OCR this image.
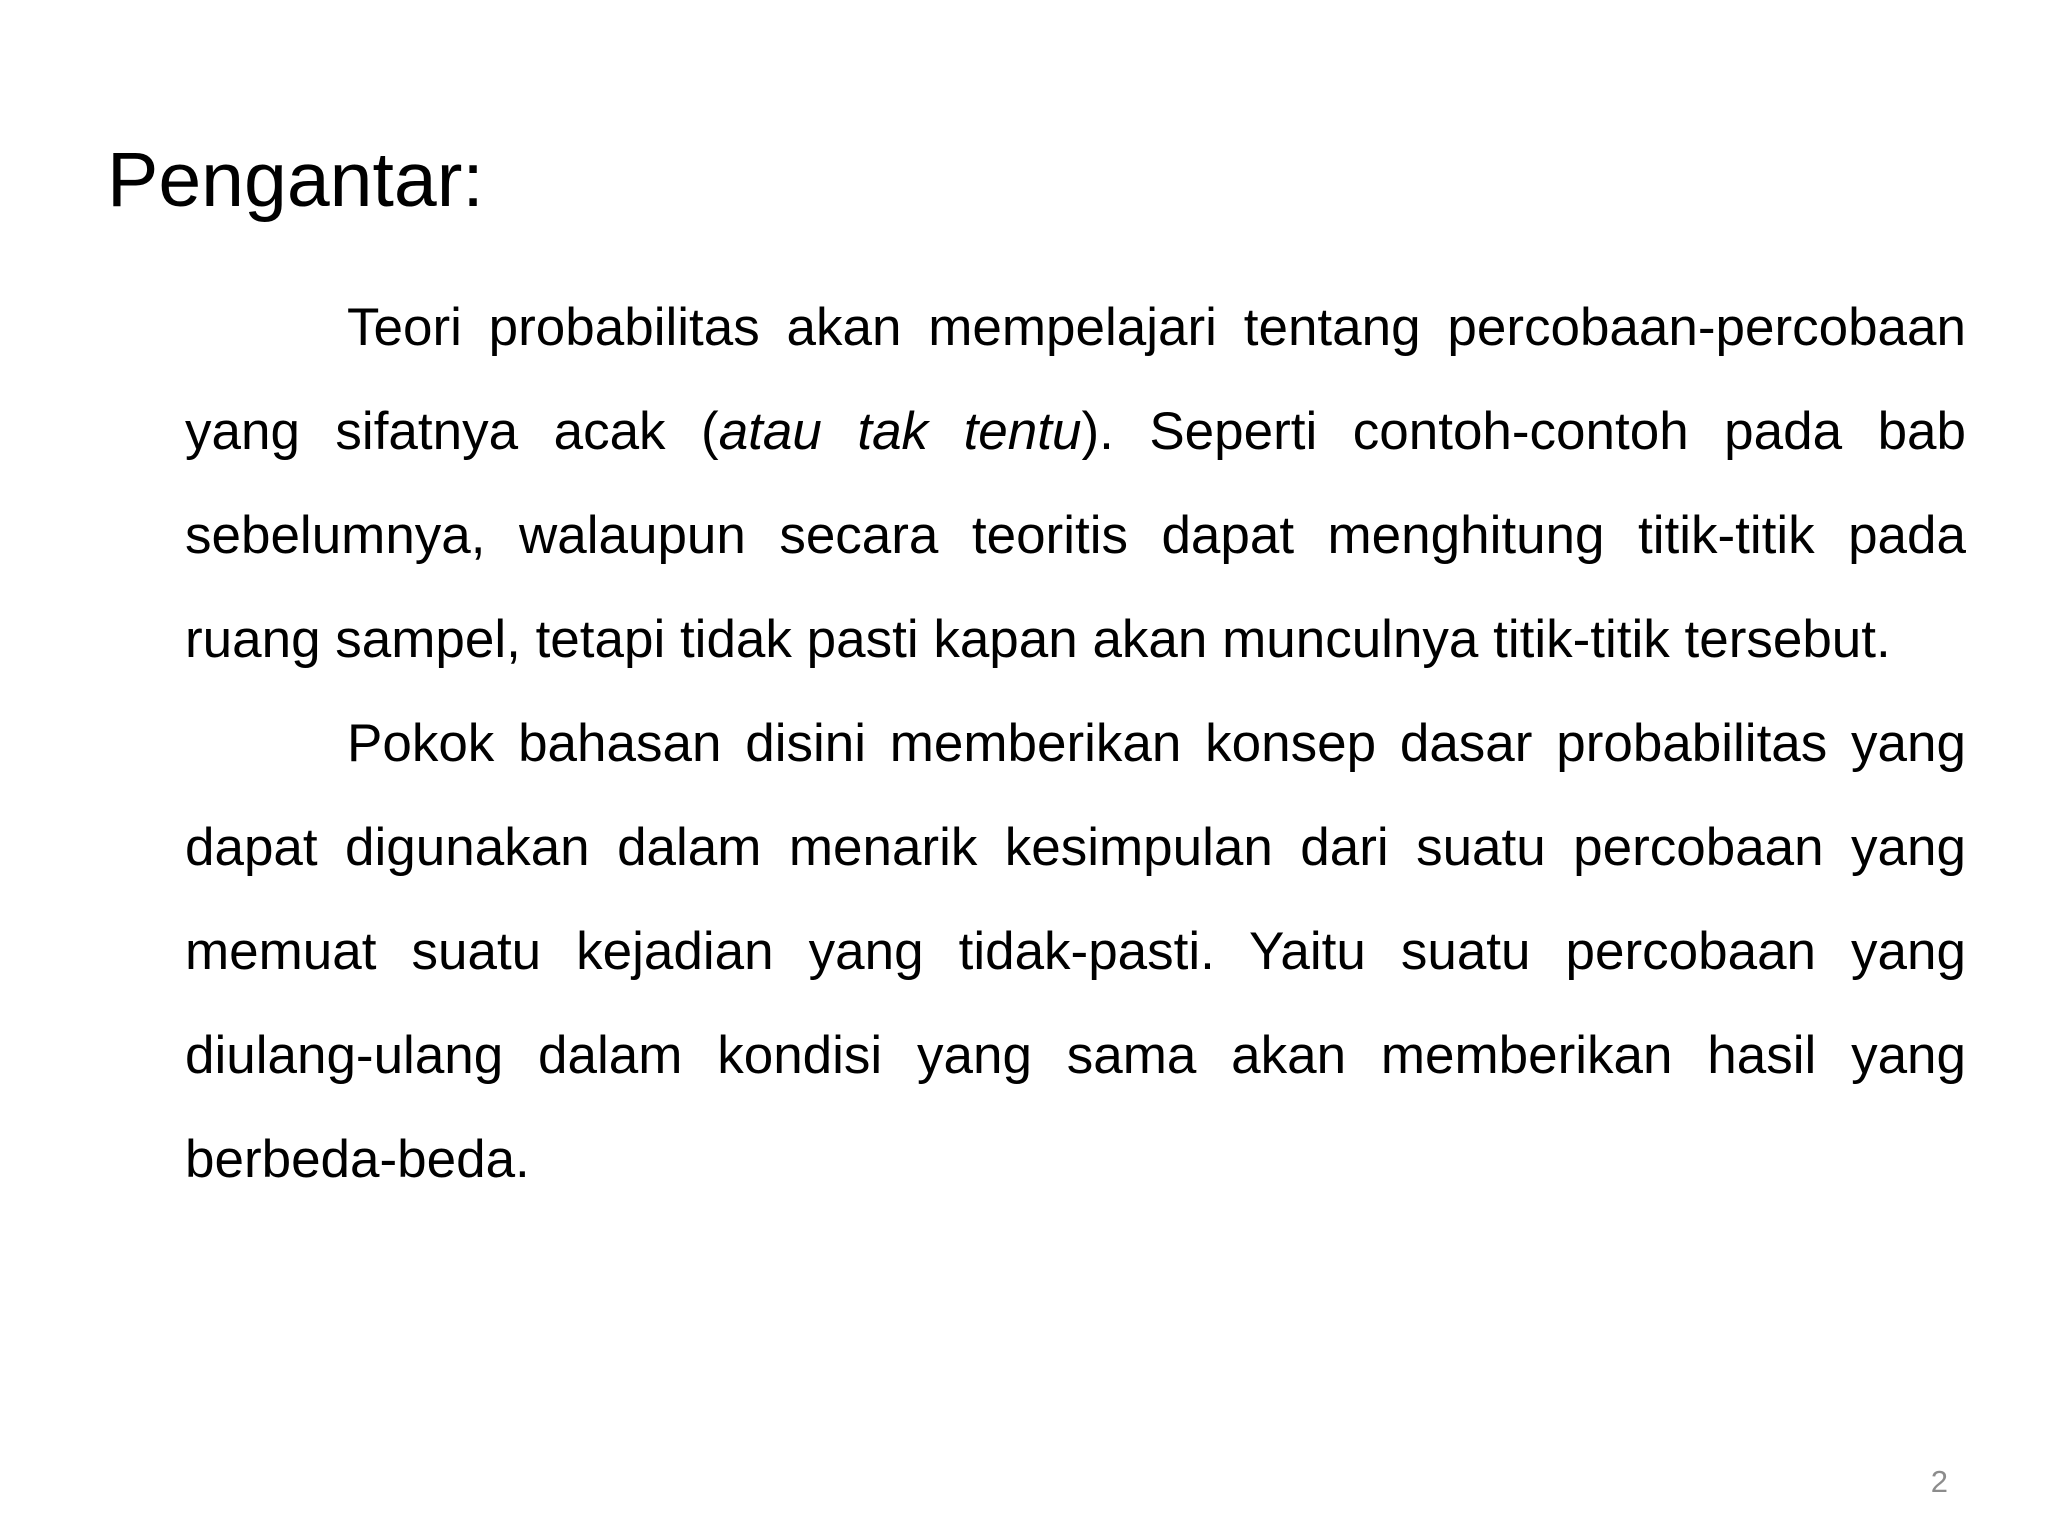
Pengantar:

Teori probabilitas akan mempelajari tentang percobaan-percobaan yang sifatnya acak (atau tak tentu). Seperti contoh-contoh pada bab sebelumnya, walaupun secara teoritis dapat menghitung titik-titik pada ruang sampel, tetapi tidak pasti kapan akan munculnya titik-titik tersebut.

Pokok bahasan disini memberikan konsep dasar probabilitas yang dapat digunakan dalam menarik kesimpulan dari suatu percobaan yang memuat suatu kejadian yang tidak-pasti. Yaitu suatu percobaan yang diulang-ulang dalam kondisi yang sama akan memberikan hasil yang berbeda-beda.

2
